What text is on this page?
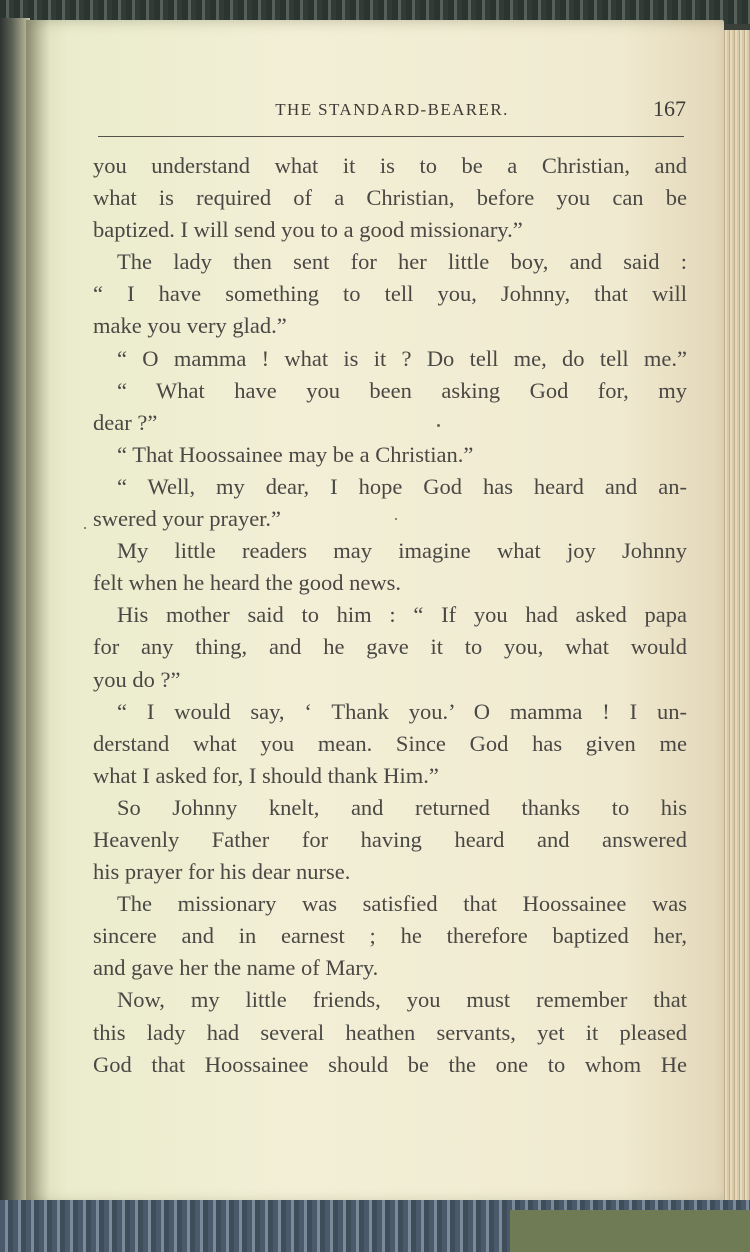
THE STANDARD-BEARER.	167
you understand what it is to be a Christian, and
what is required of a Christian, before you can be
baptized. I will send you to a good missionary.”
The lady then sent for her little boy, and said :
“ I have something to tell you, Johnny, that will
make you very glad.”
“ O mamma ! what is it ? Do tell me, do tell me.”
“ What have you been asking God for, my
dear ?”
“ That Hoossainee may be a Christian.”
“ Well, my dear, I hope God has heard and an-
swered your prayer.”
My little readers may imagine what joy Johnny
felt when he heard the good news.
His mother said to him : “ If you had asked papa
for any thing, and he gave it to you, what would
you do ?”
“ I would say, ‘ Thank you.’ O mamma ! I un-
derstand what you mean. Since God has given me
what I asked for, I should thank Him.”
So Johnny knelt, and returned thanks to his
Heavenly Father for having heard and answered
his prayer for his dear nurse.
The missionary was satisfied that Hoossainee was
sincere and in earnest ; he therefore baptized her,
and gave her the name of Mary.
Now, my little friends, you must remember that
this lady had several heathen servants, yet it pleased
God that Hoossainee should be the one to whom He
